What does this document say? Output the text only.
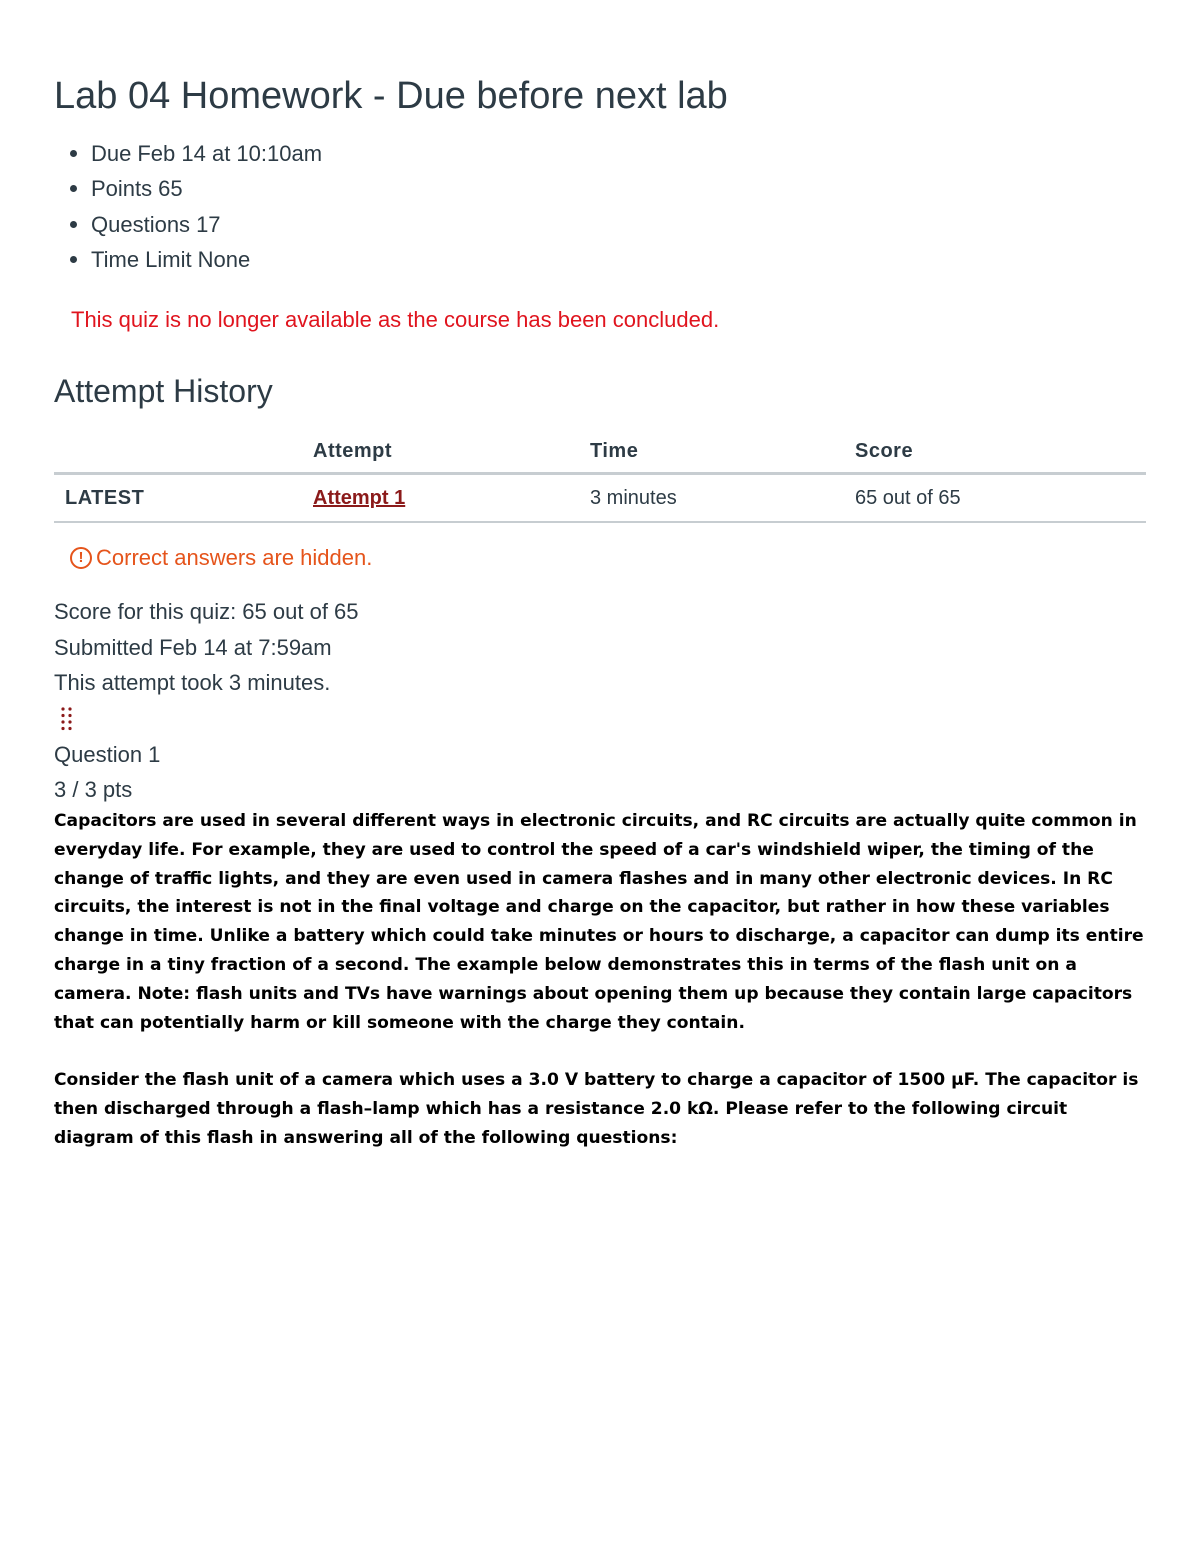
Lab 04 Homework - Due before next lab
Due Feb 14 at 10:10am
Points 65
Questions 17
Time Limit None
This quiz is no longer available as the course has been concluded.
Attempt History
	Attempt	Time	Score
LATEST	Attempt 1	3 minutes	65 out of 65
! Correct answers are hidden.
Score for this quiz: 65 out of 65
Submitted Feb 14 at 7:59am
This attempt took 3 minutes.
Question 1
3 / 3 pts

Capacitors are used in several different ways in electronic circuits, and RC circuits are actually quite common in everyday life. For example, they are used to control the speed of a car's windshield wiper, the timing of the change of traffic lights, and they are even used in camera flashes and in many other electronic devices. In RC circuits, the interest is not in the final voltage and charge on the capacitor, but rather in how these variables change in time. Unlike a battery which could take minutes or hours to discharge, a capacitor can dump its entire charge in a tiny fraction of a second. The example below demonstrates this in terms of the flash unit on a camera. Note: flash units and TVs have warnings about opening them up because they contain large capacitors that can potentially harm or kill someone with the charge they contain.

Consider the flash unit of a camera which uses a 3.0 V battery to charge a capacitor of 1500 μF. The capacitor is then discharged through a flash–lamp which has a resistance 2.0 kΩ. Please refer to the following circuit diagram of this flash in answering all of the following questions:
